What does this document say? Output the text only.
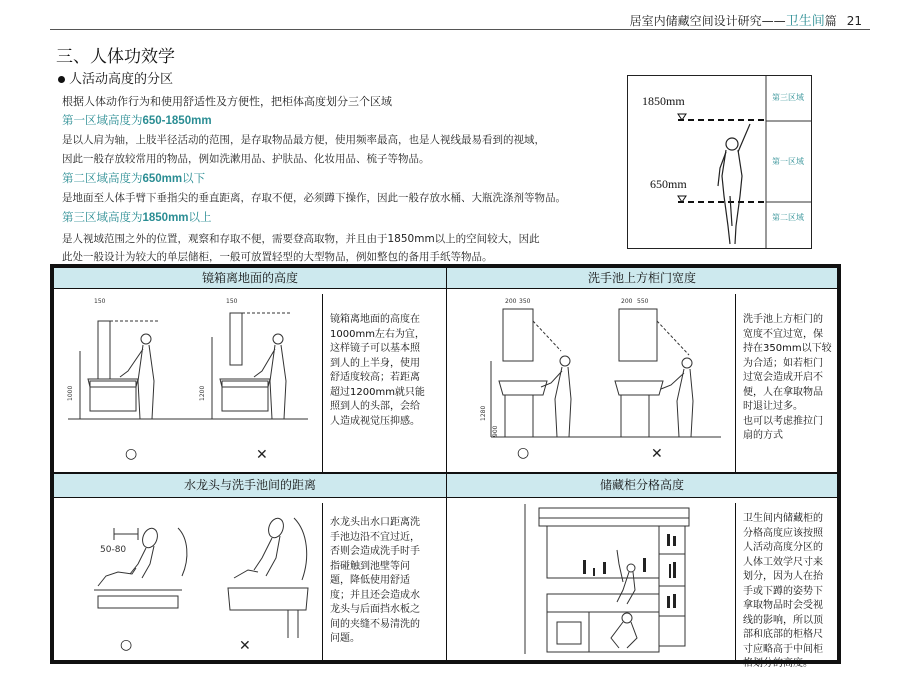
居室内储藏空间设计研究——卫生间篇 21
三、人体功效学
人活动高度的分区
根据人体动作行为和使用舒适性及方便性，把柜体高度划分三个区域
第一区域高度为650-1850mm
是以人肩为轴，上肢半径活动的范围，是存取物品最方便，使用频率最高，也是人视线最易看到的视域，
因此一般存放较常用的物品，例如洗漱用品、护肤品、化妆用品、梳子等物品。
第二区域高度为650mm以下
是地面至人体手臂下垂指尖的垂直距离，存取不便，必须蹲下操作，因此一般存放水桶、大瓶洗涤剂等物品。
第三区域高度为1850mm以上
是人视域范围之外的位置，观察和存取不便，需要登高取物，并且由于1850mm以上的空间较大，因此
此处一般设计为较大的单层储柜，一般可放置轻型的大型物品，例如整包的备用手纸等物品。
1850mm
650mm
第三区域
第一区域
第二区域
镜箱离地面的高度
150
1000
150
1200
○	✕
镜箱离地面的高度在
1000mm左右为宜，
这样镜子可以基本照
到人的上半身，使用
舒适度较高；若距离
超过1200mm就只能
照到人的头部，会给
人造成视觉压抑感。
洗手池上方柜门宽度
200 350	200 550
1280
900
○	✕
洗手池上方柜门的
宽度不宜过宽，保
持在350mm以下较
为合适；如若柜门
过宽会造成开启不
便，人在拿取物品
时退让过多。
也可以考虑推拉门
扇的方式
水龙头与洗手池间的距离
50-80
○	✕
水龙头出水口距离洗
手池边沿不宜过近，
否则会造成洗手时手
指碰触到池壁等问
题，降低使用舒适
度；并且还会造成水
龙头与后面挡水板之
间的夹缝不易清洗的
问题。
储藏柜分格高度
卫生间内储藏柜的
分格高度应该按照
人活动高度分区的
人体工效学尺寸来
划分，因为人在抬
手或下蹲的姿势下
拿取物品时会受视
线的影响，所以顶
部和底部的柜格尺
寸应略高于中间柜
格划分的高度。
